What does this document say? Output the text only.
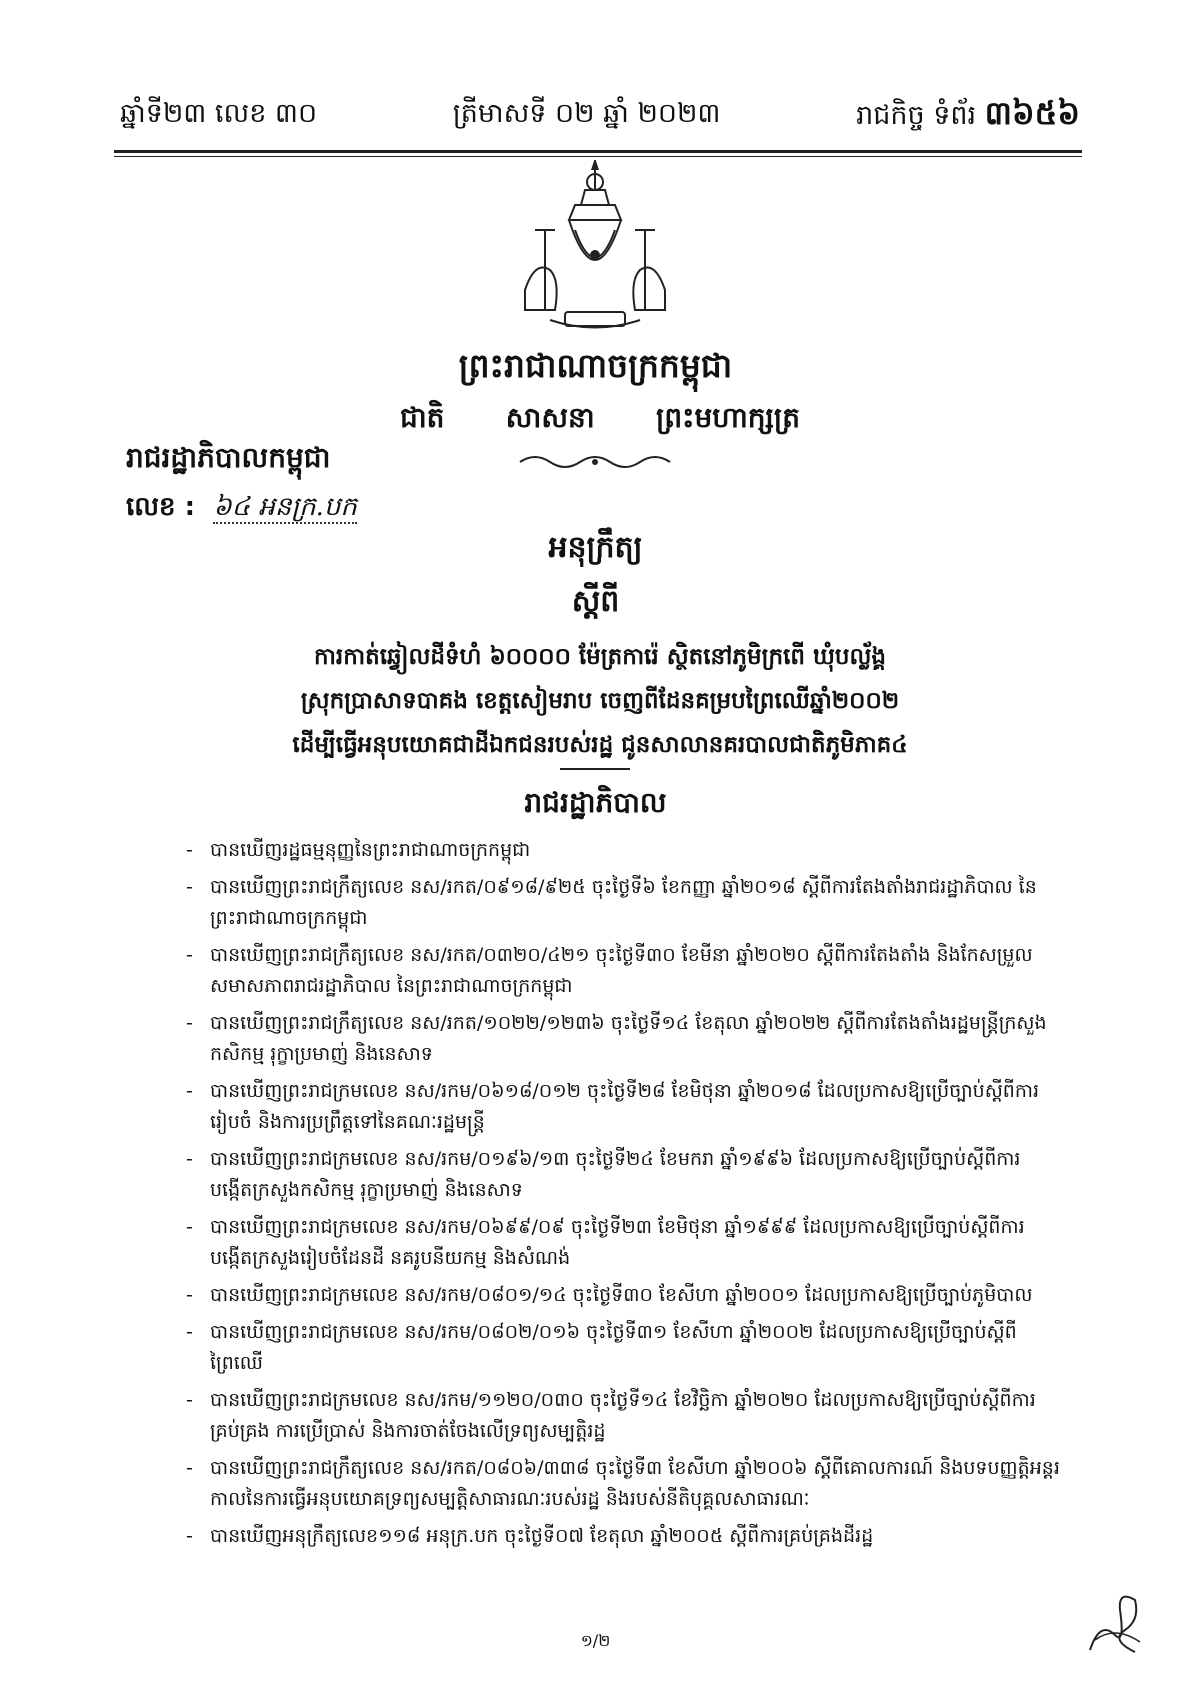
ឆ្នាំទី២៣ លេខ ៣០	ត្រីមាសទី ០២ ឆ្នាំ ២០២៣	រាជកិច្ច ទំព័រ ៣៦៥៦
ព្រះរាជាណាចក្រកម្ពុជា
ជាតិ សាសនា ព្រះមហាក្សត្រ
រាជរដ្ឋាភិបាលកម្ពុជា
លេខ : ៦៤ អនក្រ.បក
អនុក្រឹត្យ
ស្ដីពី
ការកាត់ឆ្វៀលដីទំហំ ៦០០០០ ម៉ែត្រការ៉េ ស្ថិតនៅភូមិក្រពើ ឃុំបល្ល័ង្គ
ស្រុកប្រាសាទបាគង ខេត្តសៀមរាប ចេញពីដែនគម្របព្រៃឈើឆ្នាំ២០០២
ដើម្បីធ្វើអនុបយោគជាដីឯកជនរបស់រដ្ឋ ជូនសាលានគរបាលជាតិភូមិភាគ៤
រាជរដ្ឋាភិបាល
- បានឃើញរដ្ឋធម្មនុញ្ញនៃព្រះរាជាណាចក្រកម្ពុជា
- បានឃើញព្រះរាជក្រឹត្យលេខ នស/រកត/០៩១៨/៩២៥ ចុះថ្ងៃទី៦ ខែកញ្ញា ឆ្នាំ២០១៨ ស្ដីពីការតែងតាំងរាជរដ្ឋាភិបាល នៃព្រះរាជាណាចក្រកម្ពុជា
- បានឃើញព្រះរាជក្រឹត្យលេខ នស/រកត/០៣២០/៤២១ ចុះថ្ងៃទី៣០ ខែមីនា ឆ្នាំ២០២០ ស្ដីពីការតែងតាំង និងកែសម្រួលសមាសភាពរាជរដ្ឋាភិបាល នៃព្រះរាជាណាចក្រកម្ពុជា
- បានឃើញព្រះរាជក្រឹត្យលេខ នស/រកត/១០២២/១២៣៦ ចុះថ្ងៃទី១៤ ខែតុលា ឆ្នាំ២០២២ ស្ដីពីការតែងតាំងរដ្ឋមន្ត្រីក្រសួងកសិកម្ម រុក្ខាប្រមាញ់ និងនេសាទ
- បានឃើញព្រះរាជក្រមលេខ នស/រកម/០៦១៨/០១២ ចុះថ្ងៃទី២៨ ខែមិថុនា ឆ្នាំ២០១៨ ដែលប្រកាសឱ្យប្រើច្បាប់ស្ដីពីការរៀបចំ និងការប្រព្រឹត្តទៅនៃគណៈរដ្ឋមន្ត្រី
- បានឃើញព្រះរាជក្រមលេខ នស/រកម/០១៩៦/១៣ ចុះថ្ងៃទី២៤ ខែមករា ឆ្នាំ១៩៩៦ ដែលប្រកាសឱ្យប្រើច្បាប់ស្ដីពីការបង្កើតក្រសួងកសិកម្ម រុក្ខាប្រមាញ់ និងនេសាទ
- បានឃើញព្រះរាជក្រមលេខ នស/រកម/០៦៩៩/០៩ ចុះថ្ងៃទី២៣ ខែមិថុនា ឆ្នាំ១៩៩៩ ដែលប្រកាសឱ្យប្រើច្បាប់ស្ដីពីការបង្កើតក្រសួងរៀបចំដែនដី នគរូបនីយកម្ម និងសំណង់
- បានឃើញព្រះរាជក្រមលេខ នស/រកម/០៨០១/១៤ ចុះថ្ងៃទី៣០ ខែសីហា ឆ្នាំ២០០១ ដែលប្រកាសឱ្យប្រើច្បាប់ភូមិបាល
- បានឃើញព្រះរាជក្រមលេខ នស/រកម/០៨០២/០១៦ ចុះថ្ងៃទី៣១ ខែសីហា ឆ្នាំ២០០២ ដែលប្រកាសឱ្យប្រើច្បាប់ស្ដីពីព្រៃឈើ
- បានឃើញព្រះរាជក្រមលេខ នស/រកម/១១២០/០៣០ ចុះថ្ងៃទី១៤ ខែវិច្ឆិកា ឆ្នាំ២០២០ ដែលប្រកាសឱ្យប្រើច្បាប់ស្ដីពីការគ្រប់គ្រង ការប្រើប្រាស់ និងការចាត់ចែងលើទ្រព្យសម្បត្តិរដ្ឋ
- បានឃើញព្រះរាជក្រឹត្យលេខ នស/រកត/០៨០៦/៣៣៨ ចុះថ្ងៃទី៣ ខែសីហា ឆ្នាំ២០០៦ ស្ដីពីគោលការណ៍ និងបទបញ្ញត្តិអន្តរកាលនៃការធ្វើអនុបយោគទ្រព្យសម្បត្តិសាធារណៈរបស់រដ្ឋ និងរបស់នីតិបុគ្គលសាធារណៈ
- បានឃើញអនុក្រឹត្យលេខ១១៨ អនុក្រ.បក ចុះថ្ងៃទី០៧ ខែតុលា ឆ្នាំ២០០៥ ស្ដីពីការគ្រប់គ្រងដីរដ្ឋ
១/២
